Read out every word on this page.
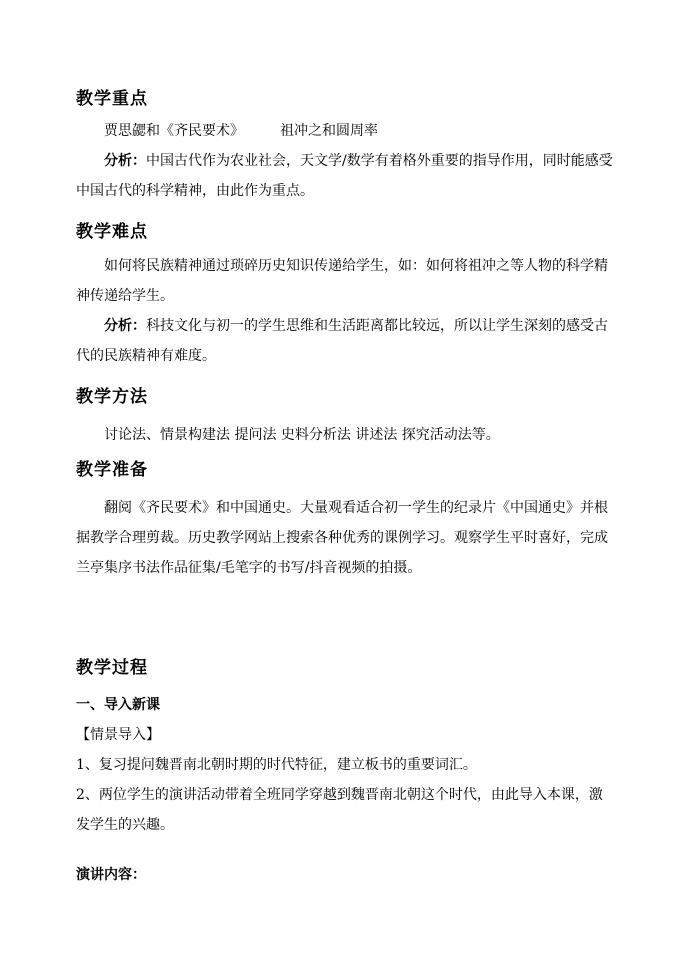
教学重点

贾思勰和《齐民要术》	祖冲之和圆周率

分析：中国古代作为农业社会，天文学/数学有着格外重要的指导作用，同时能感受中国古代的科学精神，由此作为重点。

教学难点

如何将民族精神通过琐碎历史知识传递给学生，如：如何将祖冲之等人物的科学精神传递给学生。

分析：科技文化与初一的学生思维和生活距离都比较远，所以让学生深刻的感受古代的民族精神有难度。

教学方法

讨论法、情景构建法 提问法 史料分析法 讲述法 探究活动法等。

教学准备

翻阅《齐民要术》和中国通史。大量观看适合初一学生的纪录片《中国通史》并根据教学合理剪裁。历史教学网站上搜索各种优秀的课例学习。观察学生平时喜好，完成兰亭集序书法作品征集/毛笔字的书写/抖音视频的拍摄。

教学过程

一、导入新课

【情景导入】

1、复习提问魏晋南北朝时期的时代特征，建立板书的重要词汇。

2、两位学生的演讲活动带着全班同学穿越到魏晋南北朝这个时代，由此导入本课，激发学生的兴趣。

演讲内容：
